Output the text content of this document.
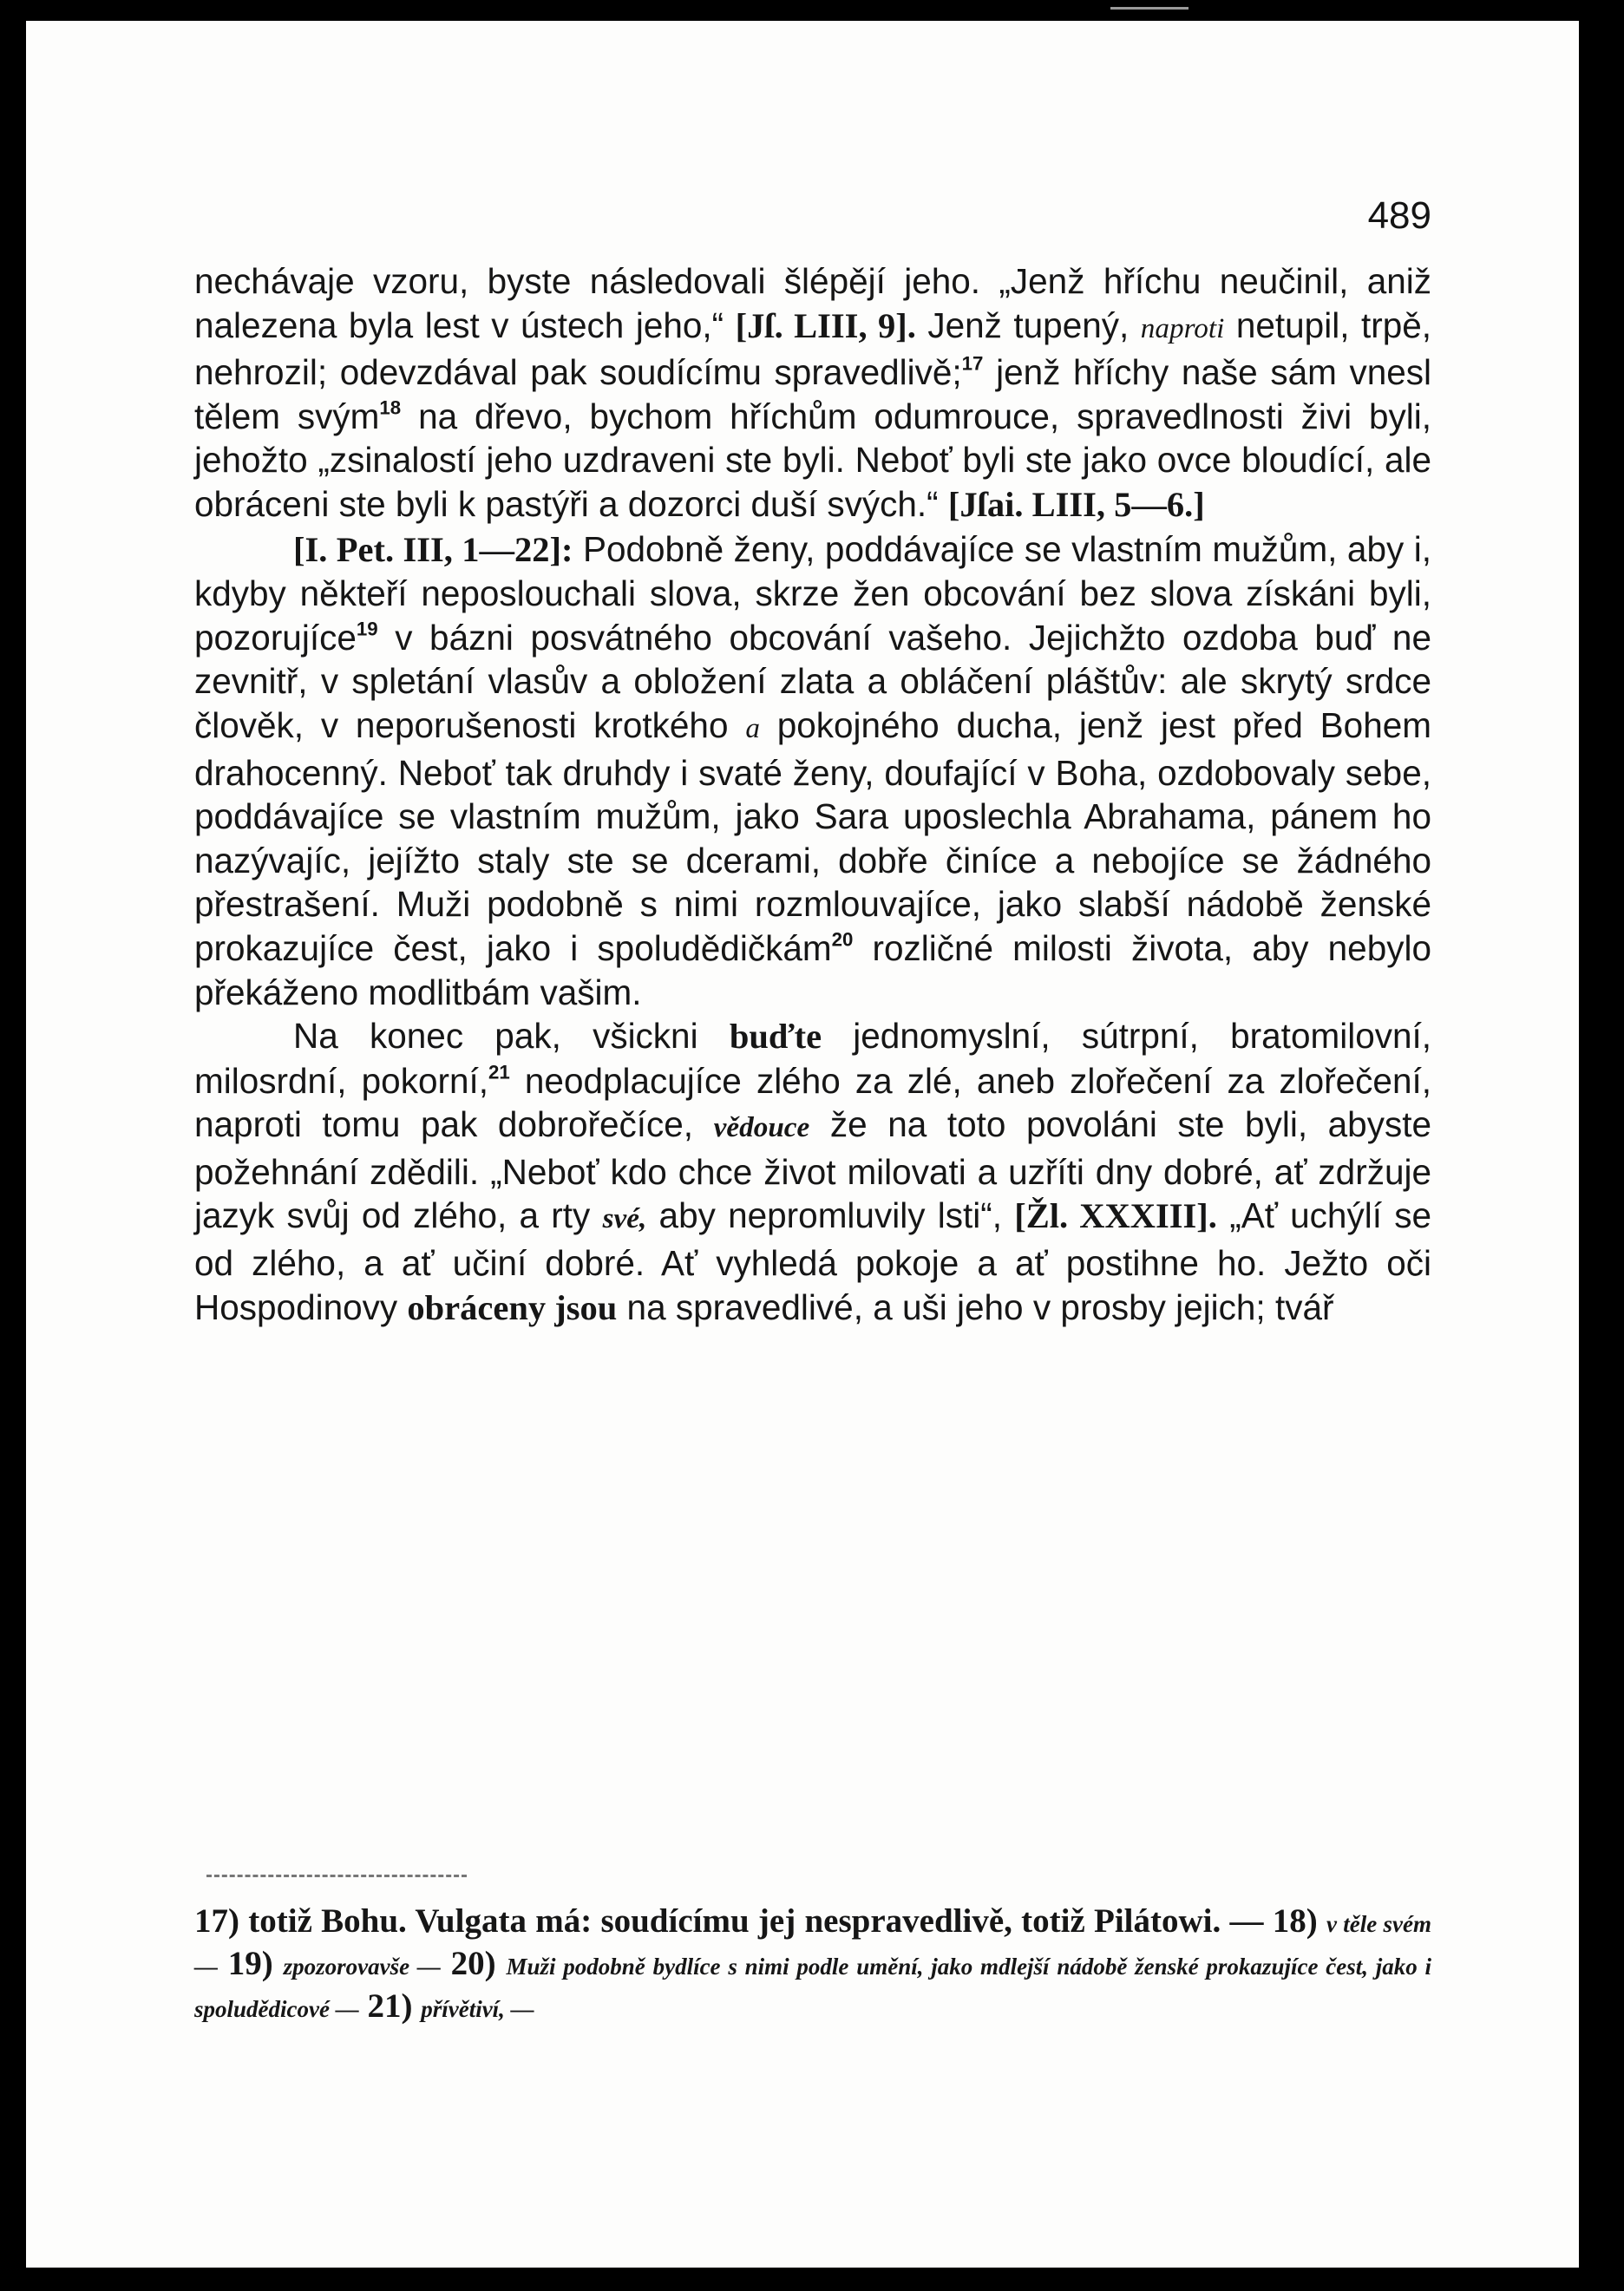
489

nechávaje vzoru, byste následovali šlépějí jeho. „Jenž hříchu neučinil, aniž nalezena byla lest v ústech jeho,“ [Jſ. LIII, 9]. Jenž tupený, naproti netupil, trpě, nehrozil; odevzdával pak soudícímu spravedlivě;$^{17}$ jenž hříchy naše sám vnesl tělem svým$^{18}$ na dřevo, bychom hříchům odumrouce, spravedlnosti živi byli, jehožto „zsinalostí jeho uzdraveni ste byli. Neboť byli ste jako ovce bloudící, ale obráceni ste byli k pastýři a dozorci duší svých.“ [Jſai. LIII, 5—6.]

[I. Pet. III, 1—22]: Podobně ženy, poddávajíce se vlastním mužům, aby i, kdyby někteří neposlouchali slova, skrze žen obcování bez slova získáni byli, pozorujíce$^{19}$ v bázni posvátného obcování vašeho. Jejichžto ozdoba buď ne zevnitř, v spletání vlasův a obložení zlata a obláčení pláštův: ale skrytý srdce člověk, v neporušenosti krotkého a pokojného ducha, jenž jest před Bohem drahocenný. Neboť tak druhdy i svaté ženy, doufající v Boha, ozdobovaly sebe, poddávajíce se vlastním mužům, jako Sara uposlechla Abrahama, pánem ho nazývajíc, jejížto staly ste se dcerami, dobře činíce a nebojíce se žádného přestrašení. Muži podobně s nimi rozmlouvajíce, jako slabší nádobě ženské prokazujíce čest, jako i spoludědičkám$^{20}$ rozličné milosti života, aby nebylo překáženo modlitbám vašim.

Na konec pak, všickni buďte jednomyslní, sútrpní, bratomilovní, milosrdní, pokorní,$^{21}$ neodplacujíce zlého za zlé, aneb zlořečení za zlořečení, naproti tomu pak dobrořečíce, vědouce že na toto povoláni ste byli, abyste požehnání zdědili. „Neboť kdo chce život milovati a uzříti dny dobré, ať zdržuje jazyk svůj od zlého, a rty své, aby nepromluvily lsti“, [Žl. XXXIII]. „Ať uchýlí se od zlého, a ať učiní dobré. Ať vyhledá pokoje a ať postihne ho. Ježto oči Hospodinovy obráceny jsou na spravedlivé, a uši jeho v prosby jejich; tvář

17) totiž Bohu. Vulgata má: soudícímu jej nespravedlivě, totiž Pilátowi. — 18) v těle svém — 19) zpozorovavše — 20) Muži podobně bydlíce s nimi podle umění, jako mdlejší nádobě ženské prokazujíce čest, jako i spoludědicové — 21) přívětiví, —
